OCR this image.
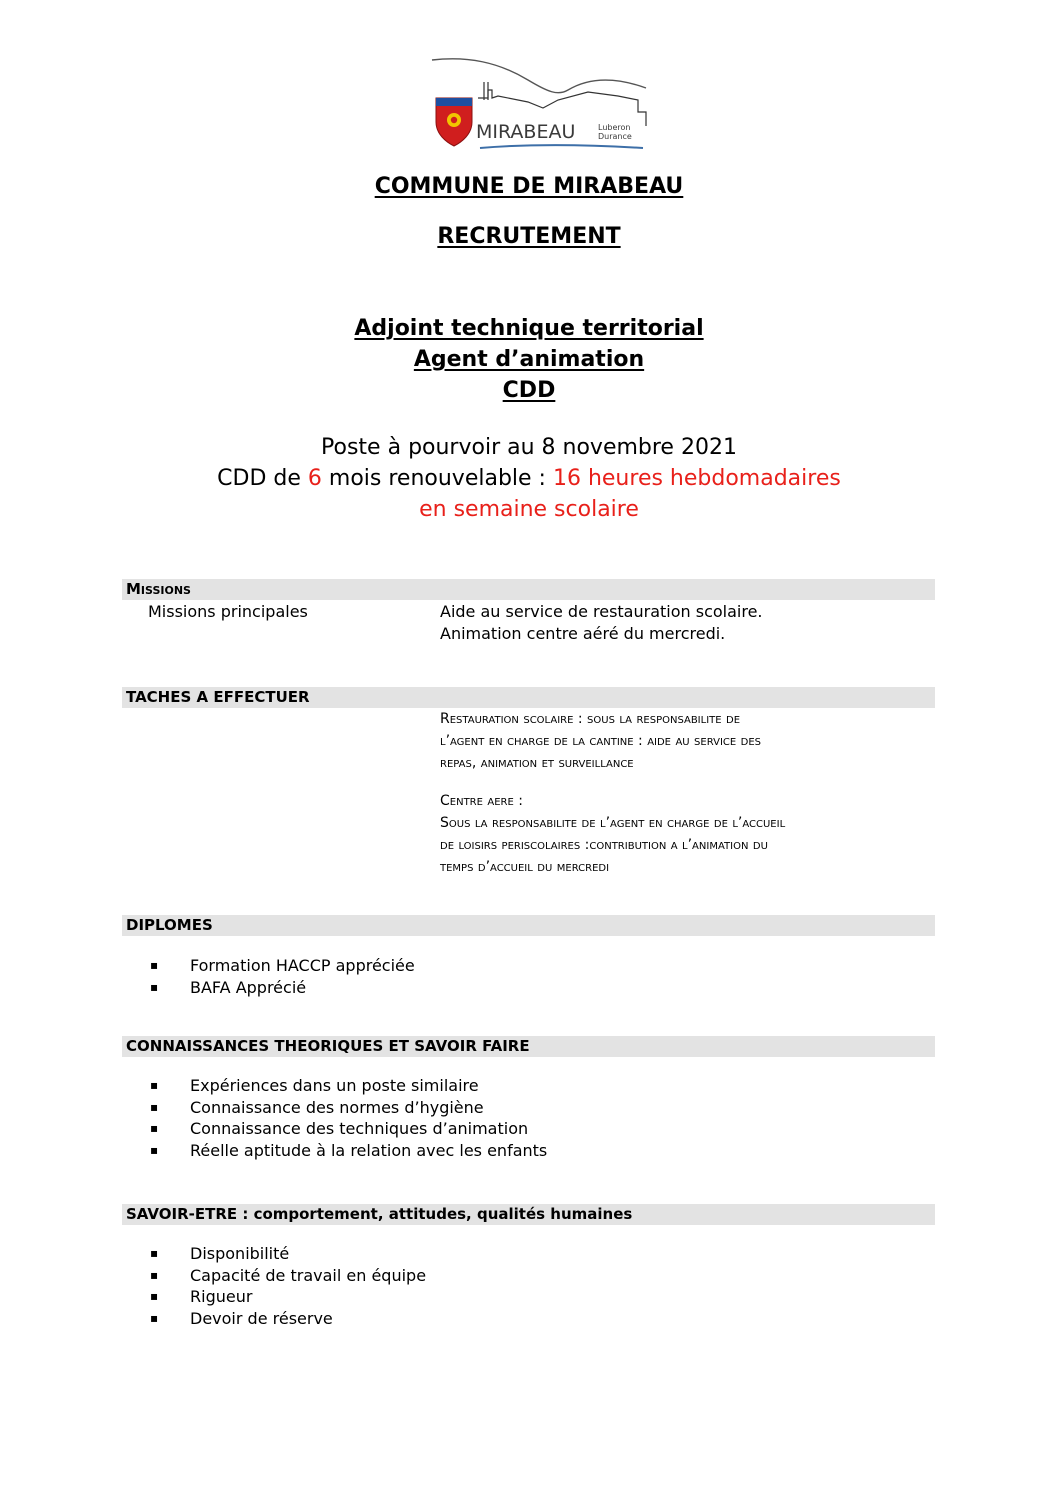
MIRABEAU	Luberon
Durance
COMMUNE DE MIRABEAU
RECRUTEMENT
Adjoint technique territorial
Agent d’animation
CDD
Poste à pourvoir au 8 novembre 2021
CDD de 6 mois renouvelable : 16 heures hebdomadaires
en semaine scolaire
Missions
Missions principales	Aide au service de restauration scolaire.
Animation centre aéré du mercredi.
TACHES A EFFECTUER
Restauration scolaire : sous la responsabilite de
l’agent en charge de la cantine : aide au service des
repas, animation et surveillance
Centre aere :
Sous la responsabilite de l’agent en charge de l’accueil
de loisirs periscolaires :contribution a l’animation du
temps d’accueil du mercredi
DIPLOMES
▪ Formation HACCP appréciée
▪ BAFA Apprécié
CONNAISSANCES THEORIQUES ET SAVOIR FAIRE
▪ Expériences dans un poste similaire
▪ Connaissance des normes d’hygiène
▪ Connaissance des techniques d’animation
▪ Réelle aptitude à la relation avec les enfants
SAVOIR-ETRE : comportement, attitudes, qualités humaines
▪ Disponibilité
▪ Capacité de travail en équipe
▪ Rigueur
▪ Devoir de réserve
